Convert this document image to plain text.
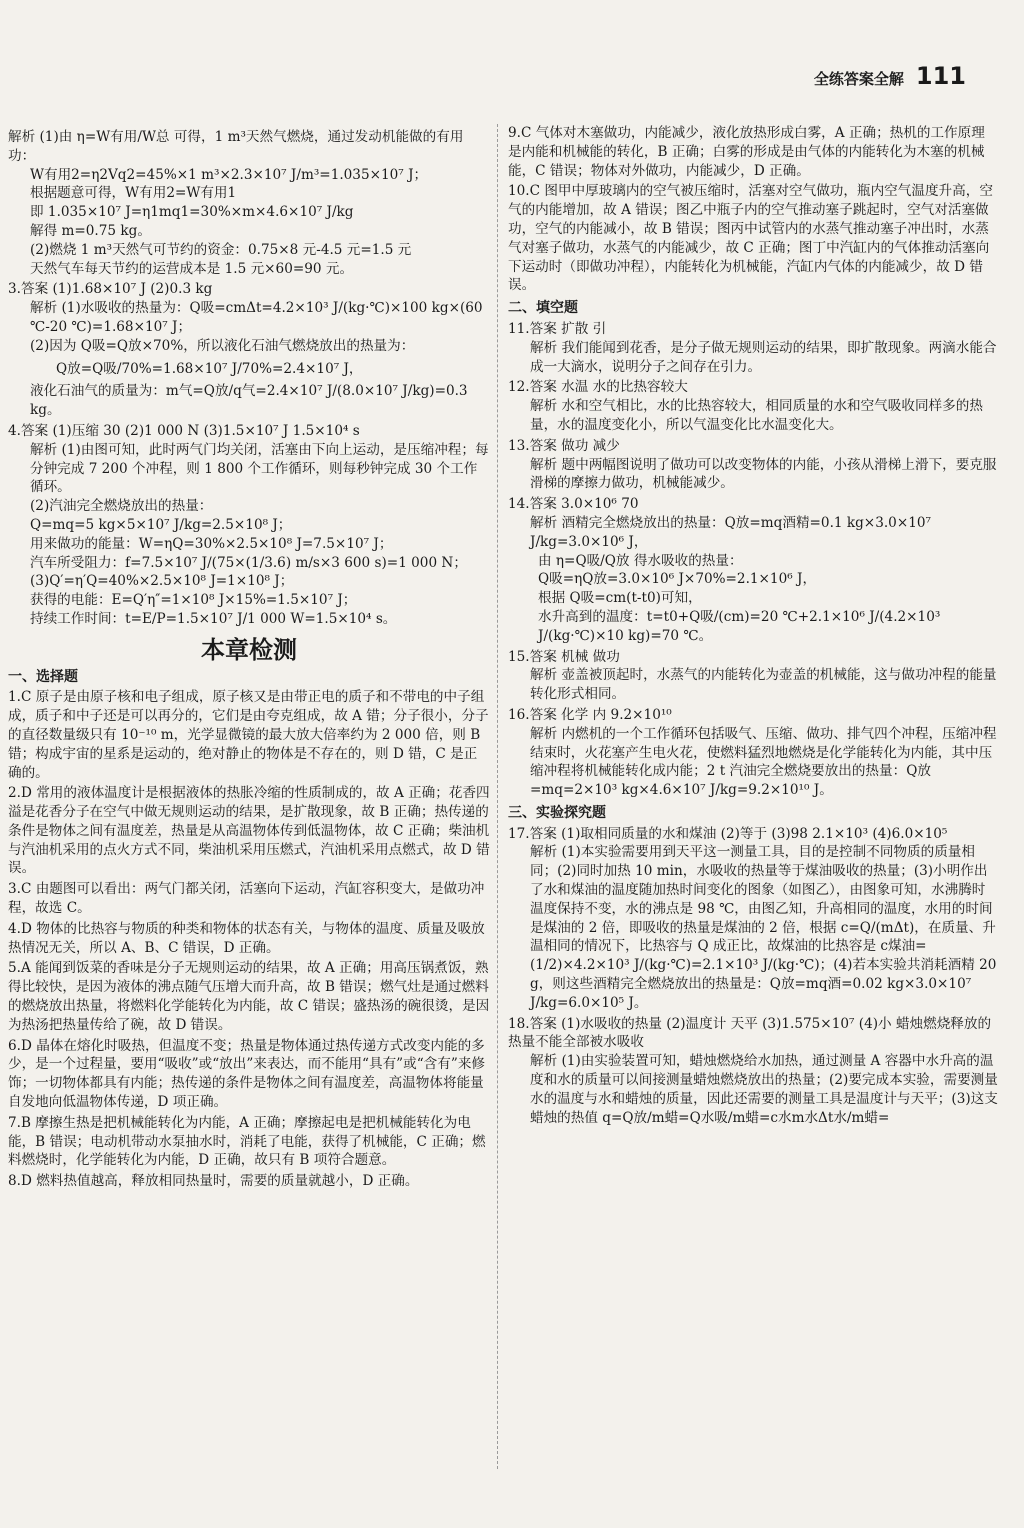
全练答案全解 111

解析 (1)由 η=W有用/W总 可得，1 m³天然气燃烧，通过发动机能做的有用功：

W有用2=η2Vq2=45%×1 m³×2.3×10⁷ J/m³=1.035×10⁷ J；

根据题意可得，W有用2=W有用1

即 1.035×10⁷ J=η1mq1=30%×m×4.6×10⁷ J/kg

解得 m=0.75 kg。

(2)燃烧 1 m³天然气可节约的资金：0.75×8 元-4.5 元=1.5 元

天然气车每天节约的运营成本是 1.5 元×60=90 元。

3.答案 (1)1.68×10⁷ J (2)0.3 kg

解析 (1)水吸收的热量为：Q吸=cmΔt=4.2×10³ J/(kg·℃)×100 kg×(60 ℃-20 ℃)=1.68×10⁷ J；

(2)因为 Q吸=Q放×70%，所以液化石油气燃烧放出的热量为：

Q放=Q吸/70%=1.68×10⁷ J/70%=2.4×10⁷ J，

液化石油气的质量为：m气=Q放/q气=2.4×10⁷ J/(8.0×10⁷ J/kg)=0.3 kg。

4.答案 (1)压缩 30 (2)1 000 N (3)1.5×10⁷ J 1.5×10⁴ s

解析 (1)由图可知，此时两气门均关闭，活塞由下向上运动，是压缩冲程；每分钟完成 7 200 个冲程，则 1 800 个工作循环，则每秒钟完成 30 个工作循环。

(2)汽油完全燃烧放出的热量：

Q=mq=5 kg×5×10⁷ J/kg=2.5×10⁸ J；

用来做功的能量：W=ηQ=30%×2.5×10⁸ J=7.5×10⁷ J；

汽车所受阻力：f=7.5×10⁷ J/(75×(1/3.6) m/s×3 600 s)=1 000 N；

(3)Q′=η′Q=40%×2.5×10⁸ J=1×10⁸ J；

获得的电能：E=Q′η″=1×10⁸ J×15%=1.5×10⁷ J；

持续工作时间：t=E/P=1.5×10⁷ J/1 000 W=1.5×10⁴ s。

本章检测
一、选择题

1.C 原子是由原子核和电子组成，原子核又是由带正电的质子和不带电的中子组成，质子和中子还是可以再分的，它们是由夸克组成，故 A 错；分子很小，分子的直径数量级只有 10⁻¹⁰ m，光学显微镜的最大放大倍率约为 2 000 倍，则 B 错；构成宇宙的星系是运动的，绝对静止的物体是不存在的，则 D 错，C 是正确的。

2.D 常用的液体温度计是根据液体的热胀冷缩的性质制成的，故 A 正确；花香四溢是花香分子在空气中做无规则运动的结果，是扩散现象，故 B 正确；热传递的条件是物体之间有温度差，热量是从高温物体传到低温物体，故 C 正确；柴油机与汽油机采用的点火方式不同，柴油机采用压燃式，汽油机采用点燃式，故 D 错误。

3.C 由题图可以看出：两气门都关闭，活塞向下运动，汽缸容积变大，是做功冲程，故选 C。

4.D 物体的比热容与物质的种类和物体的状态有关，与物体的温度、质量及吸放热情况无关，所以 A、B、C 错误，D 正确。

5.A 能闻到饭菜的香味是分子无规则运动的结果，故 A 正确；用高压锅煮饭，熟得比较快，是因为液体的沸点随气压增大而升高，故 B 错误；燃气灶是通过燃料的燃烧放出热量，将燃料化学能转化为内能，故 C 错误；盛热汤的碗很烫，是因为热汤把热量传给了碗，故 D 错误。

6.D 晶体在熔化时吸热，但温度不变；热量是物体通过热传递方式改变内能的多少，是一个过程量，要用“吸收”或“放出”来表达，而不能用“具有”或“含有”来修饰；一切物体都具有内能；热传递的条件是物体之间有温度差，高温物体将能量自发地向低温物体传递，D 项正确。

7.B 摩擦生热是把机械能转化为内能，A 正确；摩擦起电是把机械能转化为电能，B 错误；电动机带动水泵抽水时，消耗了电能，获得了机械能，C 正确；燃料燃烧时，化学能转化为内能，D 正确，故只有 B 项符合题意。

8.D 燃料热值越高，释放相同热量时，需要的质量就越小，D 正确。

9.C 气体对木塞做功，内能减少，液化放热形成白雾，A 正确；热机的工作原理是内能和机械能的转化，B 正确；白雾的形成是由气体的内能转化为木塞的机械能，C 错误；物体对外做功，内能减少，D 正确。

10.C 图甲中厚玻璃内的空气被压缩时，活塞对空气做功，瓶内空气温度升高，空气的内能增加，故 A 错误；图乙中瓶子内的空气推动塞子跳起时，空气对活塞做功，空气的内能减小，故 B 错误；图丙中试管内的水蒸气推动塞子冲出时，水蒸气对塞子做功，水蒸气的内能减少，故 C 正确；图丁中汽缸内的气体推动活塞向下运动时（即做功冲程），内能转化为机械能，汽缸内气体的内能减少，故 D 错误。

二、填空题

11.答案 扩散 引

解析 我们能闻到花香，是分子做无规则运动的结果，即扩散现象。两滴水能合成一大滴水，说明分子之间存在引力。

12.答案 水温 水的比热容较大

解析 水和空气相比，水的比热容较大，相同质量的水和空气吸收同样多的热量，水的温度变化小，所以气温变化比水温变化大。

13.答案 做功 减少

解析 题中两幅图说明了做功可以改变物体的内能，小孩从滑梯上滑下，要克服滑梯的摩擦力做功，机械能减少。

14.答案 3.0×10⁶ 70

解析 酒精完全燃烧放出的热量：Q放=mq酒精=0.1 kg×3.0×10⁷ J/kg=3.0×10⁶ J，

由 η=Q吸/Q放 得水吸收的热量：

Q吸=ηQ放=3.0×10⁶ J×70%=2.1×10⁶ J，

根据 Q吸=cm(t-t0)可知，

水升高到的温度：t=t0+Q吸/(cm)=20 ℃+2.1×10⁶ J/(4.2×10³ J/(kg·℃)×10 kg)=70 ℃。

15.答案 机械 做功

解析 壶盖被顶起时，水蒸气的内能转化为壶盖的机械能，这与做功冲程的能量转化形式相同。

16.答案 化学 内 9.2×10¹⁰

解析 内燃机的一个工作循环包括吸气、压缩、做功、排气四个冲程，压缩冲程结束时，火花塞产生电火花，使燃料猛烈地燃烧是化学能转化为内能，其中压缩冲程将机械能转化成内能；2 t 汽油完全燃烧要放出的热量：Q放=mq=2×10³ kg×4.6×10⁷ J/kg=9.2×10¹⁰ J。

三、实验探究题

17.答案 (1)取相同质量的水和煤油 (2)等于 (3)98 2.1×10³ (4)6.0×10⁵

解析 (1)本实验需要用到天平这一测量工具，目的是控制不同物质的质量相同；(2)同时加热 10 min，水吸收的热量等于煤油吸收的热量；(3)小明作出了水和煤油的温度随加热时间变化的图象（如图乙），由图象可知，水沸腾时温度保持不变，水的沸点是 98 ℃，由图乙知，升高相同的温度，水用的时间是煤油的 2 倍，即吸收的热量是煤油的 2 倍，根据 c=Q/(mΔt)，在质量、升温相同的情况下，比热容与 Q 成正比，故煤油的比热容是 c煤油=(1/2)×4.2×10³ J/(kg·℃)=2.1×10³ J/(kg·℃)；(4)若本实验共消耗酒精 20 g，则这些酒精完全燃烧放出的热量是：Q放=mq酒=0.02 kg×3.0×10⁷ J/kg=6.0×10⁵ J。

18.答案 (1)水吸收的热量 (2)温度计 天平 (3)1.575×10⁷ (4)小 蜡烛燃烧释放的热量不能全部被水吸收

解析 (1)由实验装置可知，蜡烛燃烧给水加热，通过测量 A 容器中水升高的温度和水的质量可以间接测量蜡烛燃烧放出的热量；(2)要完成本实验，需要测量水的温度与水和蜡烛的质量，因此还需要的测量工具是温度计与天平；(3)这支蜡烛的热值 q=Q放/m蜡=Q水吸/m蜡=c水m水Δt水/m蜡=
